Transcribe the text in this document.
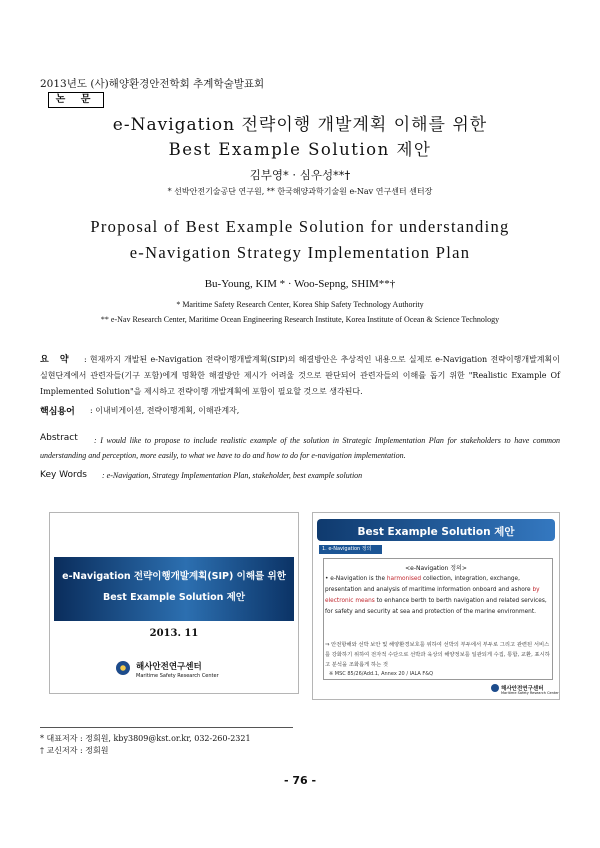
2013년도 (사)해양환경안전학회 추계학술발표회
논 문
e-Navigation 전략이행 개발계획 이해를 위한
Best Example Solution 제안
김부영* · 심우성**†
* 선박안전기술공단 연구원, ** 한국해양과학기술원 e-Nav 연구센터 센터장
Proposal of Best Example Solution for understanding
e-Navigation Strategy Implementation Plan
Bu-Young, KIM * · Woo-Sepng, SHIM**†
* Maritime Safety Research Center, Korea Ship Safety Technology Authority
** e-Nav Research Center, Maritime Ocean Engineering Research Institute, Korea Institute of Ocean & Science Technology
요 약	: 현재까지 개발된 e-Navigation 전략이행개발계획(SIP)의 해결방안은 추상적인 내용으로 실제로 e-Navigation 전략이행개발계획이 실현단계에서 관련자들(기구 포함)에게 명확한 해결방안 제시가 어려울 것으로 판단되어 관련자들의 이해를 돕기 위한 "Realistic Example Of Implemented Solution"을 제시하고 전략이행 개발계획에 포함이 필요할 것으로 생각된다.
핵심용어 : 이내비게이션, 전략이행계획, 이해관계자,
Abstract	: I would like to propose to include realistic example of the solution in Strategic Implementation Plan for stakeholders to have common understanding and perception, more easily, to what we have to do and how to do for e-navigation implementation.
Key Words : e-Navigation, Strategy Implementation Plan, stakeholder, best example solution
e-Navigation 전략이행개발계획(SIP) 이해를 위한
Best Example Solution 제안
2013. 11
해사안전연구센터
Maritime Safety Research Center
Best Example Solution 제안
1. e-Navigation 정의
<e-Navigation 정의>
• e-Navigation is the harmonised collection, integration, exchange, presentation and analysis of maritime information onboard and ashore by electronic means to enhance berth to berth navigation and related services, for safety and security at sea and protection of the marine environment.
⇒ 안전항해와 선박 보안 및 해양환경보호를 위하여 선박의 부두에서 부두로 그리고 관련된 서비스를 강화하기 위하여 전자적 수단으로 선박과 육상의 해양정보를 일관되게 수집, 통합, 교환, 표시하고 분석을 조화롭게 하는 것
※ MSC 85/26/Add.1, Annex 20 / IALA F&Q
해사안전연구센터
Maritime Safety Research Center
* 대표저자 : 정회원, kby3809@kst.or.kr, 032-260-2321
† 교신저자 : 정회원
- 76 -
